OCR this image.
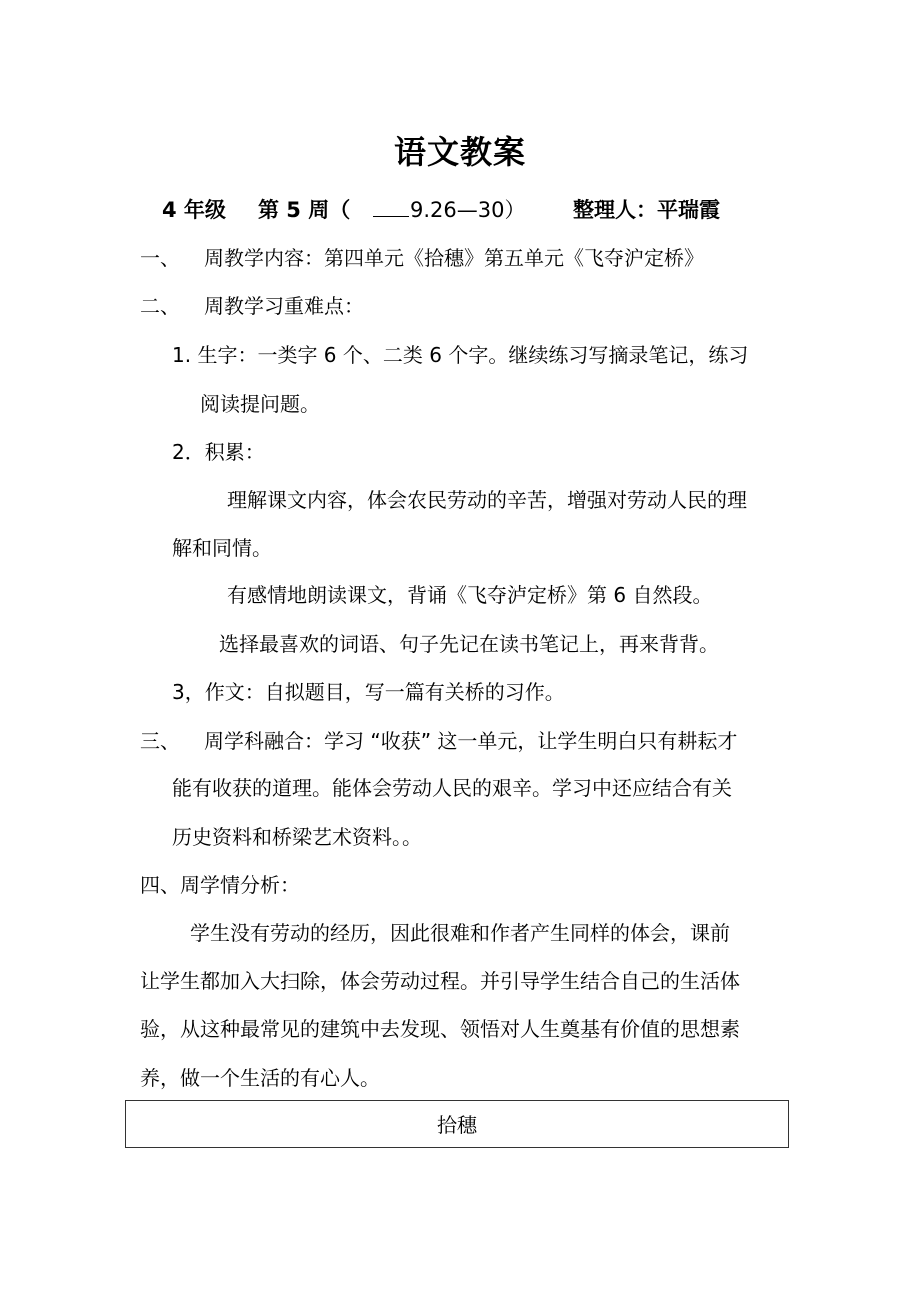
语文教案
4 年级 第 5 周（	9.26—30） 整理人：平瑞霞
一、 周教学内容：第四单元《拾穗》第五单元《飞夺沪定桥》
二、 周教学习重难点：
1. 生字：一类字 6 个、二类 6 个字。继续练习写摘录笔记，练习
阅读提问题。
2．积累：
理解课文内容，体会农民劳动的辛苦，增强对劳动人民的理
解和同情。
有感情地朗读课文，背诵《飞夺泸定桥》第 6 自然段。
选择最喜欢的词语、句子先记在读书笔记上，再来背背。
3，作文：自拟题目，写一篇有关桥的习作。
三、 周学科融合：学习 “收获” 这一单元，让学生明白只有耕耘才
能有收获的道理。能体会劳动人民的艰辛。学习中还应结合有关
历史资料和桥梁艺术资料。。
四、周学情分析：
学生没有劳动的经历，因此很难和作者产生同样的体会，课前
让学生都加入大扫除，体会劳动过程。并引导学生结合自己的生活体
验，从这种最常见的建筑中去发现、领悟对人生奠基有价值的思想素
养，做一个生活的有心人。
拾穗
